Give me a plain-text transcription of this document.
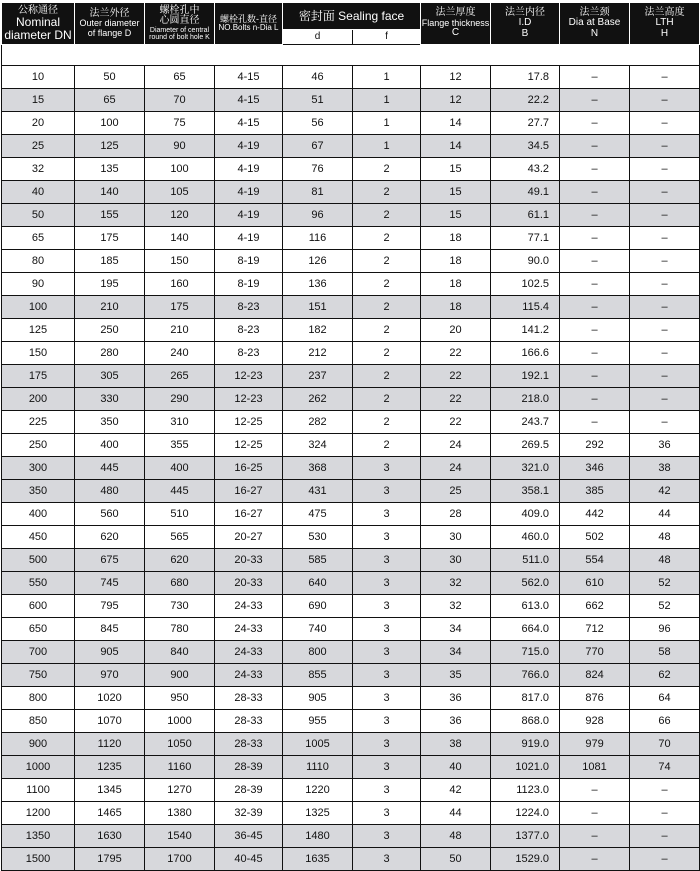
公称通径
Nominal
diameter DN	法兰外径
Outer diameter
of flange D	螺栓孔中
心圆直径
Diameter of central
round of bolt hole K	螺栓孔数-直径
NO.Bolts n-Dia L	密封面 Sealing face		法兰厚度
Flange thickness
C	法兰内径
I.D
B	法兰颈
Dia at Base
N	法兰高度
LTH
H

				d	f				
JIS B2220 10K JIS B2212 10K									
10	50	65	4-15	46	1	12	17.8	–	–
15	65	70	4-15	51	1	12	22.2	–	–
20	100	75	4-15	56	1	14	27.7	–	–
25	125	90	4-19	67	1	14	34.5	–	–
32	135	100	4-19	76	2	15	43.2	–	–
40	140	105	4-19	81	2	15	49.1	–	–
50	155	120	4-19	96	2	15	61.1	–	–
65	175	140	4-19	116	2	18	77.1	–	–
80	185	150	8-19	126	2	18	90.0	–	–
90	195	160	8-19	136	2	18	102.5	–	–
100	210	175	8-23	151	2	18	115.4	–	–
125	250	210	8-23	182	2	20	141.2	–	–
150	280	240	8-23	212	2	22	166.6	–	–
175	305	265	12-23	237	2	22	192.1	–	–
200	330	290	12-23	262	2	22	218.0	–	–
225	350	310	12-25	282	2	22	243.7	–	–
250	400	355	12-25	324	2	24	269.5	292	36
300	445	400	16-25	368	3	24	321.0	346	38
350	480	445	16-27	431	3	25	358.1	385	42
400	560	510	16-27	475	3	28	409.0	442	44
450	620	565	20-27	530	3	30	460.0	502	48
500	675	620	20-33	585	3	30	511.0	554	48
550	745	680	20-33	640	3	32	562.0	610	52
600	795	730	24-33	690	3	32	613.0	662	52
650	845	780	24-33	740	3	34	664.0	712	96
700	905	840	24-33	800	3	34	715.0	770	58
750	970	900	24-33	855	3	35	766.0	824	62
800	1020	950	28-33	905	3	36	817.0	876	64
850	1070	1000	28-33	955	3	36	868.0	928	66
900	1120	1050	28-33	1005	3	38	919.0	979	70
1000	1235	1160	28-39	1110	3	40	1021.0	1081	74
1100	1345	1270	28-39	1220	3	42	1123.0	–	–
1200	1465	1380	32-39	1325	3	44	1224.0	–	–
1350	1630	1540	36-45	1480	3	48	1377.0	–	–
1500	1795	1700	40-45	1635	3	50	1529.0	–	–
